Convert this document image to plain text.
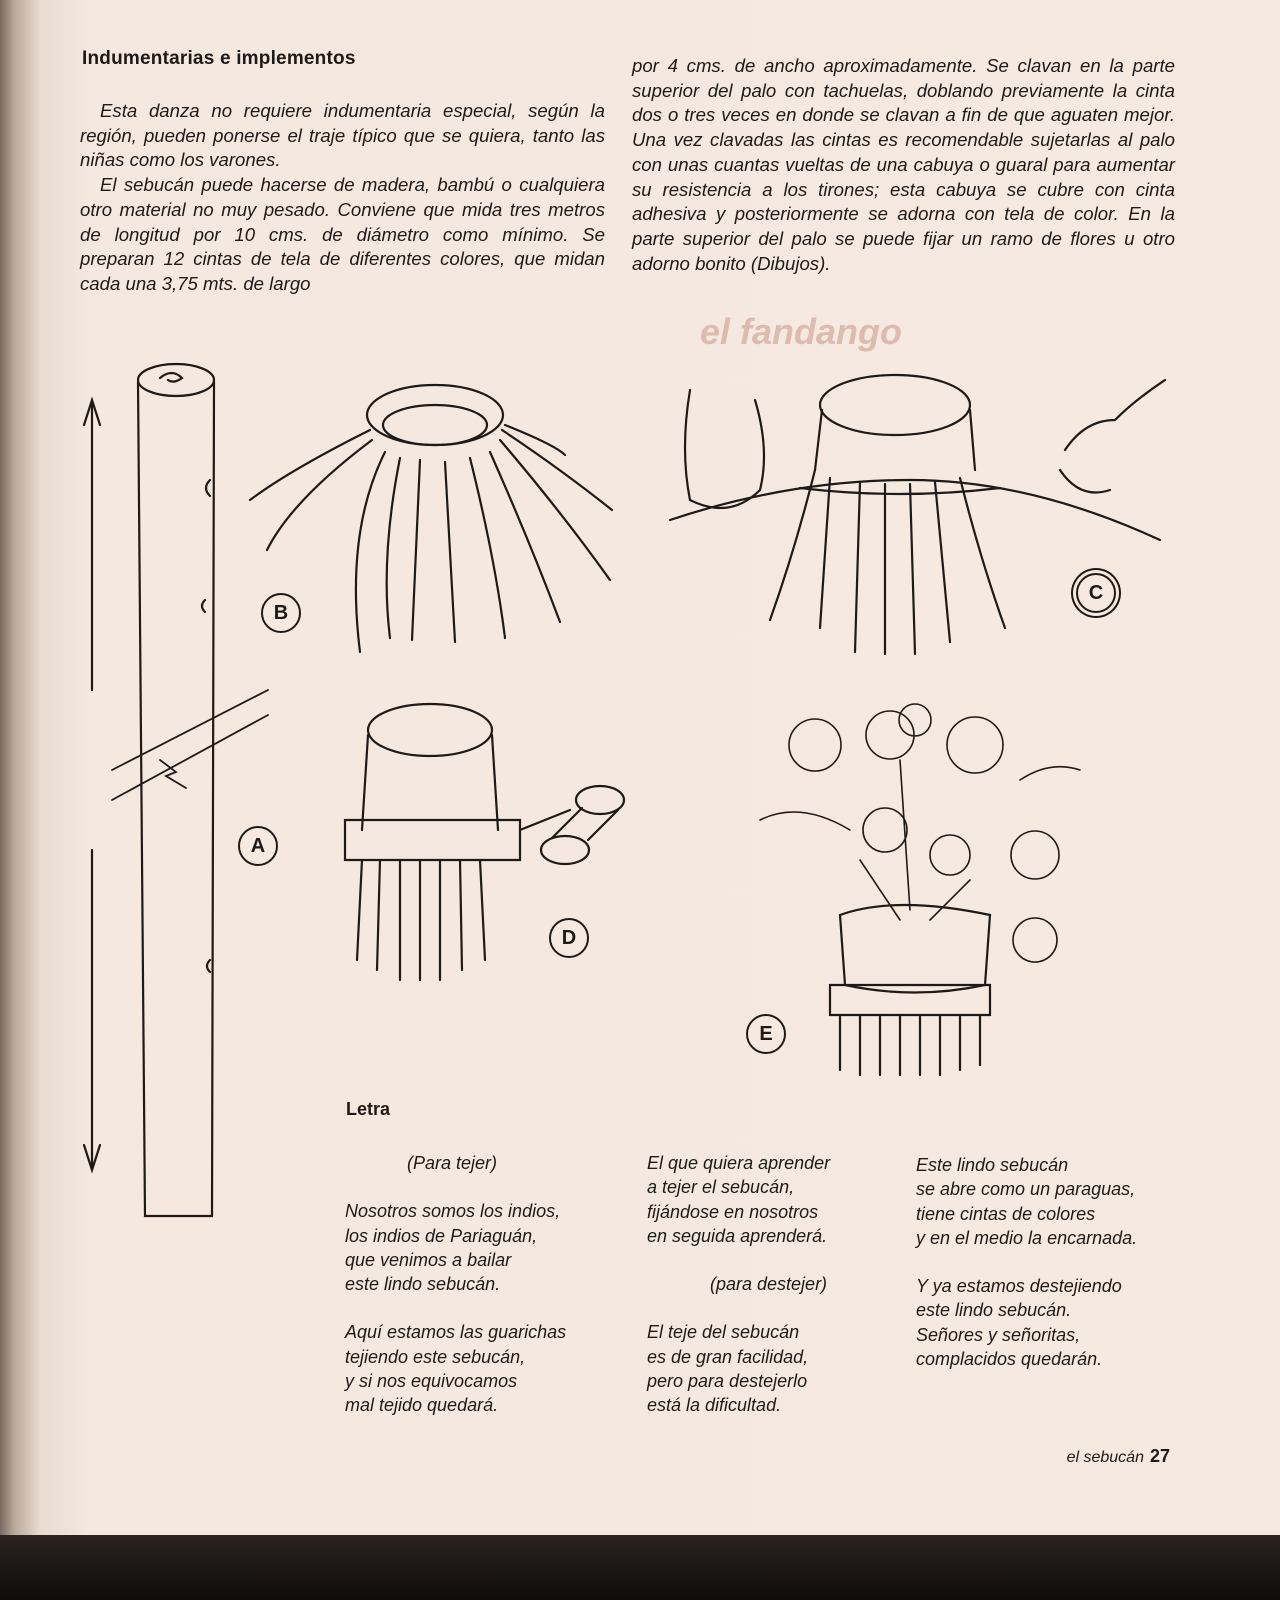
el fandango
Indumentarias e implementos

Esta danza no requiere indumentaria especial, según la región, pueden ponerse el traje típico que se quiera, tanto las niñas como los varones.

El sebucán puede hacerse de madera, bambú o cualquiera otro material no muy pesado. Conviene que mida tres metros de longitud por 10 cms. de diámetro como mínimo. Se preparan 12 cintas de tela de diferentes colores, que midan cada una 3,75 mts. de largo

por 4 cms. de ancho aproximadamente. Se clavan en la parte superior del palo con tachuelas, doblando previamente la cinta dos o tres veces en donde se clavan a fin de que aguaten mejor. Una vez clavadas las cintas es recomendable sujetarlas al palo con unas cuantas vueltas de una cabuya o guaral para aumentar su resistencia a los tirones; esta cabuya se cubre con cinta adhesiva y posteriormente se adorna con tela de color. En la parte superior del palo se puede fijar un ramo de flores u otro adorno bonito (Dibujos).

B
C
A
D
E
Letra
(Para tejer)
Nosotros somos los indios,
los indios de Pariaguán,
que venimos a bailar
este lindo sebucán.
Aquí estamos las guarichas
tejiendo este sebucán,
y si nos equivocamos
mal tejido quedará.
El que quiera aprender
a tejer el sebucán,
fijándose en nosotros
en seguida aprenderá.
(para destejer)
El teje del sebucán
es de gran facilidad,
pero para destejerlo
está la dificultad.
Este lindo sebucán
se abre como un paraguas,
tiene cintas de colores
y en el medio la encarnada.
Y ya estamos destejiendo
este lindo sebucán.
Señores y señoritas,
complacidos quedarán.
el sebucán 27
